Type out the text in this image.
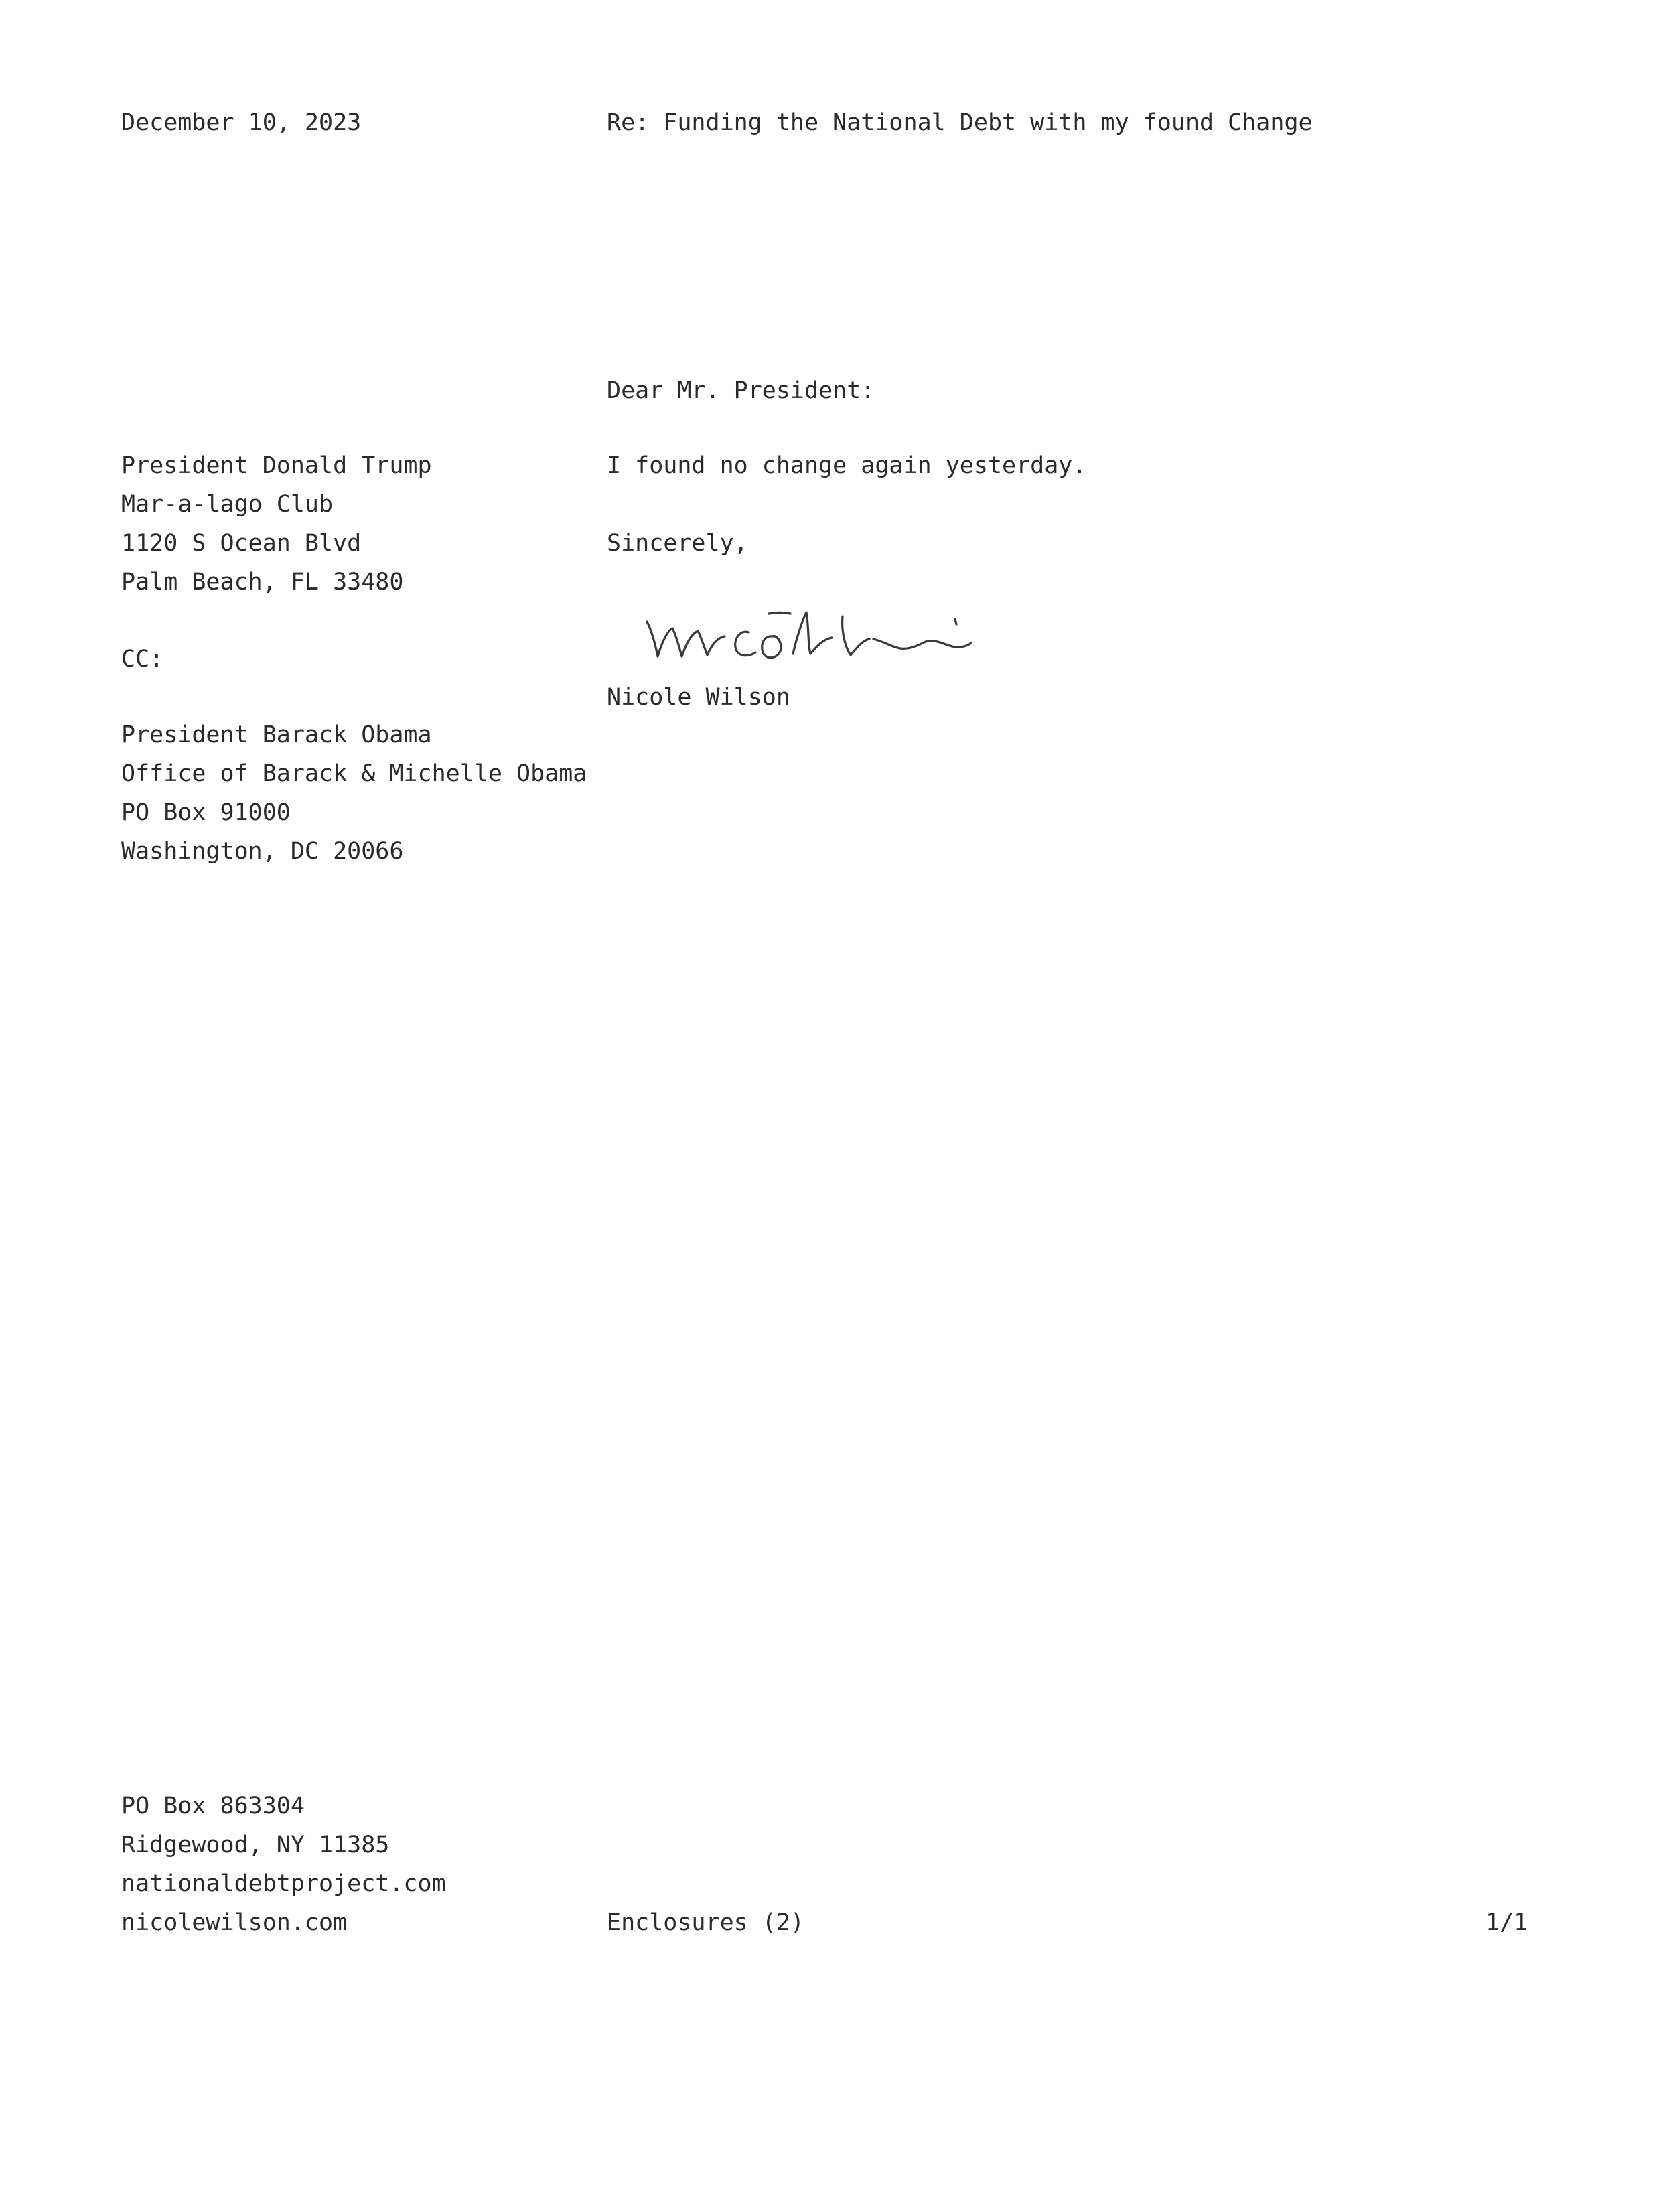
December 10, 2023	Re: Funding the National Debt with my found Change

Dear Mr. President:

President Donald Trump
Mar-a-lago Club
1120 S Ocean Blvd
Palm Beach, FL 33480

I found no change again yesterday.

Sincerely,

CC:

Nicole Wilson

President Barack Obama
Office of Barack & Michelle Obama
PO Box 91000
Washington, DC 20066
PO Box 863304
Ridgewood, NY 11385
nationaldebtproject.com
nicolewilson.com	Enclosures (2)	1/1
